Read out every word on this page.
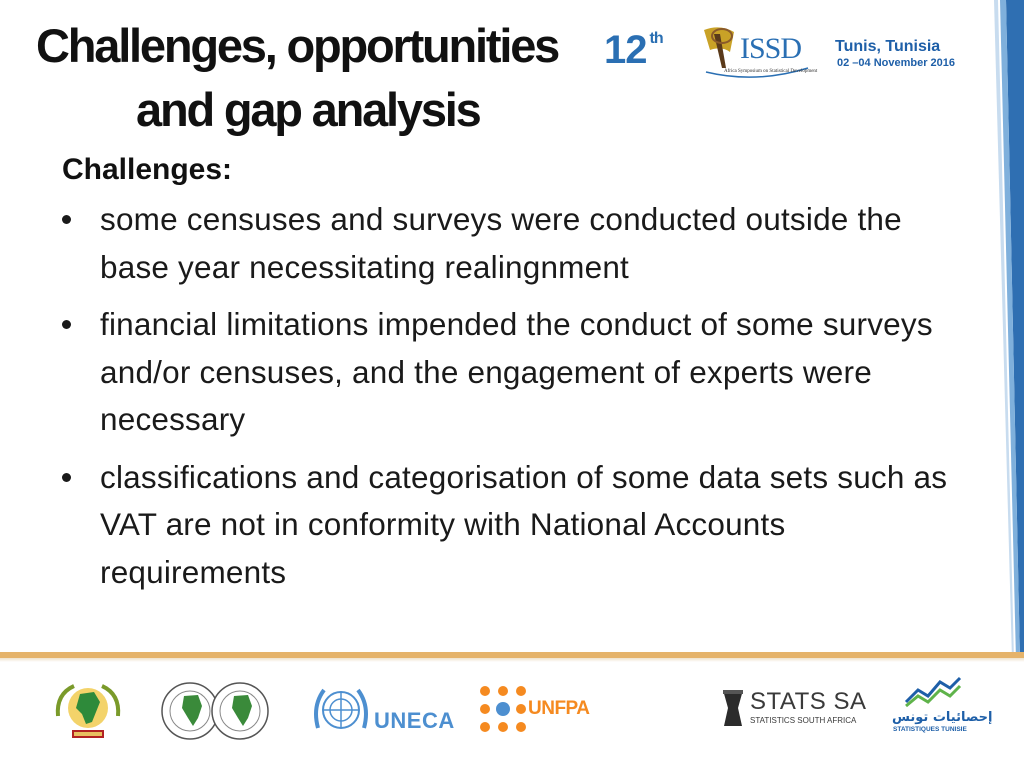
Challenges, opportunities
and gap analysis
12 $^{th}$	ISSD
Africa Symposium on Statistical Development
Tunis, Tunisia
02 –04 November 2016
Challenges:
some censuses and surveys were conducted outside the base year necessitating realingnment
financial limitations impended the conduct of some surveys and/or censuses, and the engagement of experts were necessary
classifications and categorisation of some data sets such as VAT are not in conformity with National Accounts requirements
UNECA	UNFPA	STATS SA
STATISTICS SOUTH AFRICA	إحصائيات تونس
STATISTIQUES TUNISIE
